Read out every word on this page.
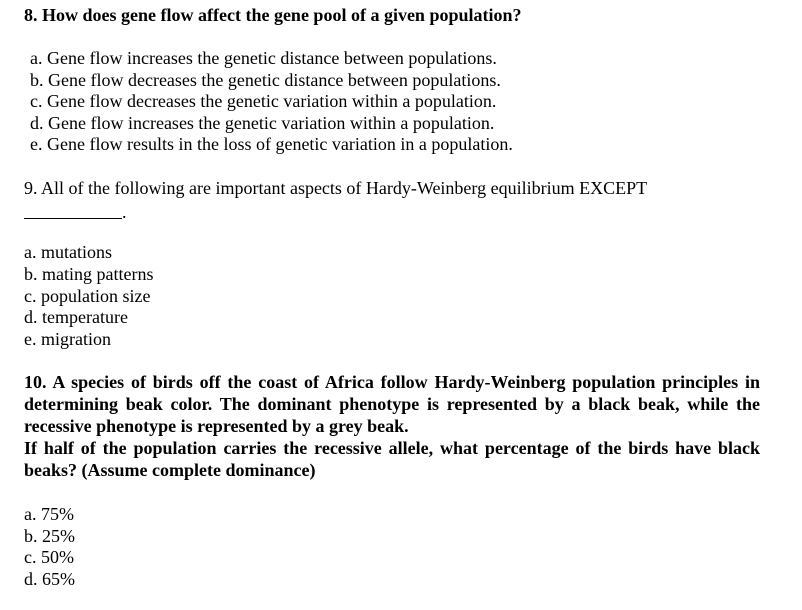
8. How does gene flow affect the gene pool of a given population?
a. Gene flow increases the genetic distance between populations.
b. Gene flow decreases the genetic distance between populations.
c. Gene flow decreases the genetic variation within a population.
d. Gene flow increases the genetic variation within a population.
e. Gene flow results in the loss of genetic variation in a population.
9. All of the following are important aspects of Hardy-Weinberg equilibrium EXCEPT
.
a. mutations
b. mating patterns
c. population size
d. temperature
e. migration

10. A species of birds off the coast of Africa follow Hardy-Weinberg population principles in determining beak color. The dominant phenotype is represented by a black beak, while the recessive phenotype is represented by a grey beak.

If half of the population carries the recessive allele, what percentage of the birds have black beaks? (Assume complete dominance)

a. 75%
b. 25%
c. 50%
d. 65%
